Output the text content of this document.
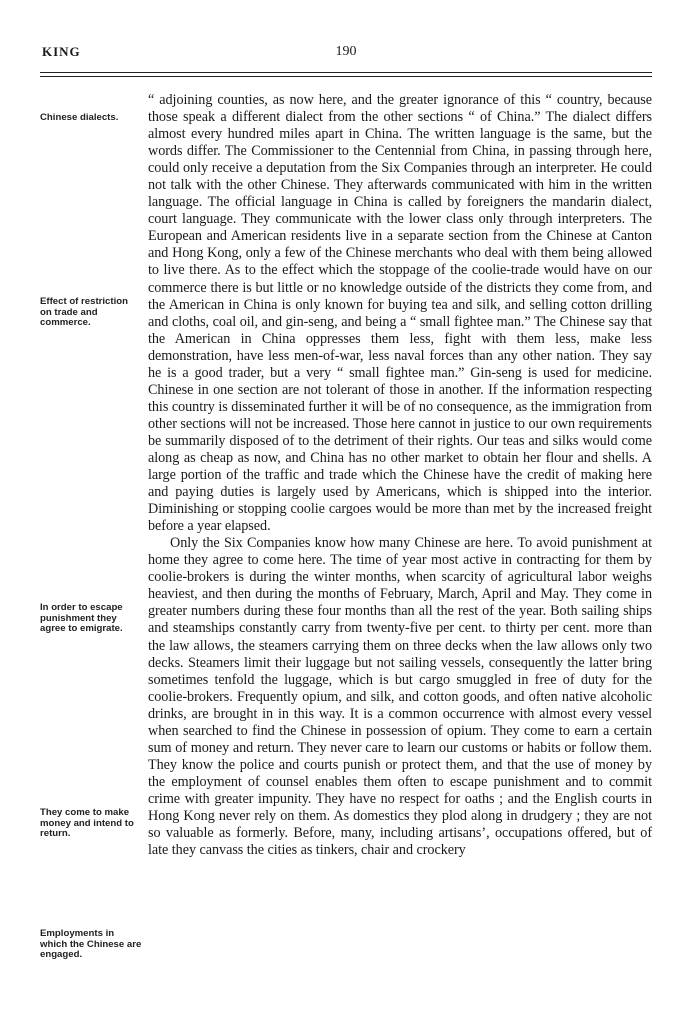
KING	190
Chinese dialects.
Effect of restriction on trade and commerce.
In order to escape punishment they agree to emigrate.
They come to make money and intend to return.
Employments in which the Chinese are engaged.

“ adjoining counties, as now here, and the greater ignorance of this “ country, because those speak a different dialect from the other sections “ of China.” The dialect differs almost every hundred miles apart in China. The written language is the same, but the words differ. The Commissioner to the Centennial from China, in passing through here, could only receive a deputation from the Six Companies through an interpreter. He could not talk with the other Chinese. They afterwards communicated with him in the written language. The official language in China is called by foreigners the mandarin dialect, court language. They communicate with the lower class only through interpreters. The European and American residents live in a separate section from the Chinese at Canton and Hong Kong, only a few of the Chinese merchants who deal with them being allowed to live there. As to the effect which the stoppage of the coolie-trade would have on our commerce there is but little or no knowledge outside of the districts they come from, and the American in China is only known for buying tea and silk, and selling cotton drilling and cloths, coal oil, and gin-seng, and being a “ small fightee man.” The Chinese say that the American in China oppresses them less, fight with them less, make less demonstration, have less men-of-war, less naval forces than any other nation. They say he is a good trader, but a very “ small fightee man.” Gin-seng is used for medicine. Chinese in one section are not tolerant of those in another. If the information respecting this country is disseminated further it will be of no consequence, as the immigration from other sections will not be increased. Those here cannot in justice to our own requirements be summarily disposed of to the detriment of their rights. Our teas and silks would come along as cheap as now, and China has no other market to obtain her flour and shells. A large portion of the traffic and trade which the Chinese have the credit of making here and paying duties is largely used by Americans, which is shipped into the interior. Diminishing or stopping coolie cargoes would be more than met by the increased freight before a year elapsed.

Only the Six Companies know how many Chinese are here. To avoid punishment at home they agree to come here. The time of year most active in contracting for them by coolie-brokers is during the winter months, when scarcity of agricultural labor weighs heaviest, and then during the months of February, March, April and May. They come in greater numbers during these four months than all the rest of the year. Both sailing ships and steamships constantly carry from twenty-five per cent. to thirty per cent. more than the law allows, the steamers carrying them on three decks when the law allows only two decks. Steamers limit their luggage but not sailing vessels, consequently the latter bring sometimes tenfold the luggage, which is but cargo smuggled in free of duty for the coolie-brokers. Frequently opium, and silk, and cotton goods, and often native alcoholic drinks, are brought in in this way. It is a common occurrence with almost every vessel when searched to find the Chinese in possession of opium. They come to earn a certain sum of money and return. They never care to learn our customs or habits or follow them. They know the police and courts punish or protect them, and that the use of money by the employment of counsel enables them often to escape punishment and to commit crime with greater impunity. They have no respect for oaths ; and the English courts in Hong Kong never rely on them. As domestics they plod along in drudgery ; they are not so valuable as formerly. Before, many, including artisans’, occupations offered, but of late they canvass the cities as tinkers, chair and crockery
